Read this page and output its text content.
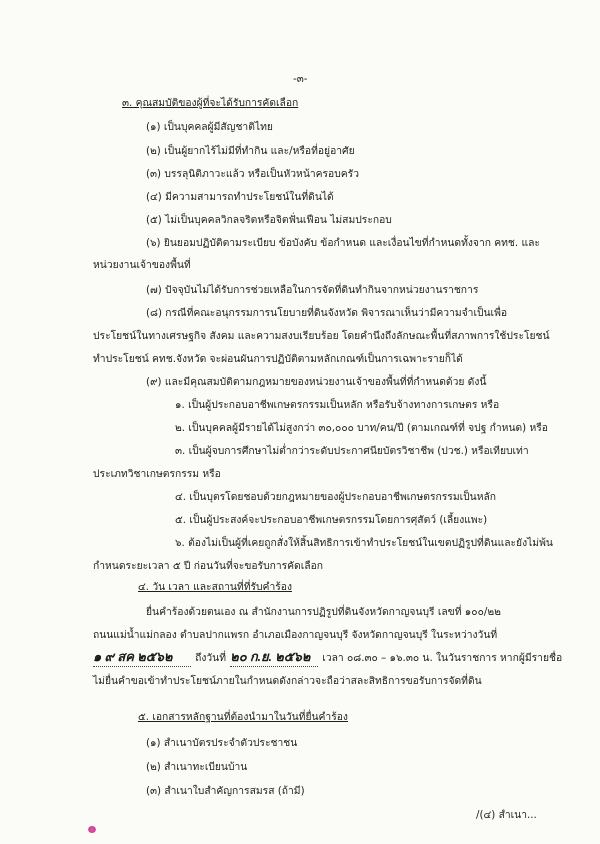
-๓-
๓. คุณสมบัติของผู้ที่จะได้รับการคัดเลือก
(๑) เป็นบุคคลผู้มีสัญชาติไทย
(๒) เป็นผู้ยากไร้ไม่มีที่ทำกิน และ/หรือที่อยู่อาศัย
(๓) บรรลุนิติภาวะแล้ว หรือเป็นหัวหน้าครอบครัว
(๔) มีความสามารถทำประโยชน์ในที่ดินได้
(๕) ไม่เป็นบุคคลวิกลจริตหรือจิตฟั่นเฟือน ไม่สมประกอบ
(๖) ยินยอมปฏิบัติตามระเบียบ ข้อบังคับ ข้อกำหนด และเงื่อนไขที่กำหนดทั้งจาก คทช. และ
หน่วยงานเจ้าของพื้นที่
(๗) ปัจจุบันไม่ได้รับการช่วยเหลือในการจัดที่ดินทำกินจากหน่วยงานราชการ
(๘) กรณีที่คณะอนุกรรมการนโยบายที่ดินจังหวัด พิจารณาเห็นว่ามีความจำเป็นเพื่อ
ประโยชน์ในทางเศรษฐกิจ สังคม และความสงบเรียบร้อย โดยคำนึงถึงลักษณะพื้นที่สภาพการใช้ประโยชน์
ทำประโยชน์ คทช.จังหวัด จะผ่อนผันการปฏิบัติตามหลักเกณฑ์เป็นการเฉพาะรายก็ได้
(๙) และมีคุณสมบัติตามกฎหมายของหน่วยงานเจ้าของพื้นที่ที่กำหนดด้วย ดังนี้
๑. เป็นผู้ประกอบอาชีพเกษตรกรรมเป็นหลัก หรือรับจ้างทางการเกษตร หรือ
๒. เป็นบุคคลผู้มีรายได้ไม่สูงกว่า ๓๐,๐๐๐ บาท/คน/ปี (ตามเกณฑ์ที่ จปฐ กำหนด) หรือ
๓. เป็นผู้จบการศึกษาไม่ต่ำกว่าระดับประกาศนียบัตรวิชาชีพ (ปวช.) หรือเทียบเท่า
ประเภทวิชาเกษตรกรรม หรือ
๔. เป็นบุตรโดยชอบด้วยกฎหมายของผู้ประกอบอาชีพเกษตรกรรมเป็นหลัก
๕. เป็นผู้ประสงค์จะประกอบอาชีพเกษตรกรรมโดยการศุสัตว์ (เลี้ยงแพะ)
๖. ต้องไม่เป็นผู้ที่เคยถูกสั่งให้สิ้นสิทธิการเข้าทำประโยชน์ในเขตปฏิรูปที่ดินและยังไม่พ้น
กำหนดระยะเวลา ๕ ปี ก่อนวันที่จะขอรับการคัดเลือก
๔. วัน เวลา และสถานที่ที่รับคำร้อง
ยื่นคำร้องด้วยตนเอง ณ สำนักงานการปฏิรูปที่ดินจังหวัดกาญจนบุรี เลขที่ ๑๐๐/๒๒
ถนนแม่น้ำแม่กลอง ตำบลปากแพรก อำเภอเมืองกาญจนบุรี จังหวัดกาญจนบุรี ในระหว่างวันที่
๑ ๙ สค ๒๕๖๒ ถึงวันที่ ๒๐ ก.ย. ๒๕๖๒ เวลา ๐๘.๓๐ – ๑๖.๓๐ น. ในวันราชการ หากผู้มีรายชื่อ
ไม่ยื่นคำขอเข้าทำประโยชน์ภายในกำหนดดังกล่าวจะถือว่าสละสิทธิการขอรับการจัดที่ดิน
๕. เอกสารหลักฐานที่ต้องนำมาในวันที่ยื่นคำร้อง
(๑) สำเนาบัตรประจำตัวประชาชน
(๒) สำเนาทะเบียนบ้าน
(๓) สำเนาใบสำคัญการสมรส (ถ้ามี)
/(๔) สำเนา...
